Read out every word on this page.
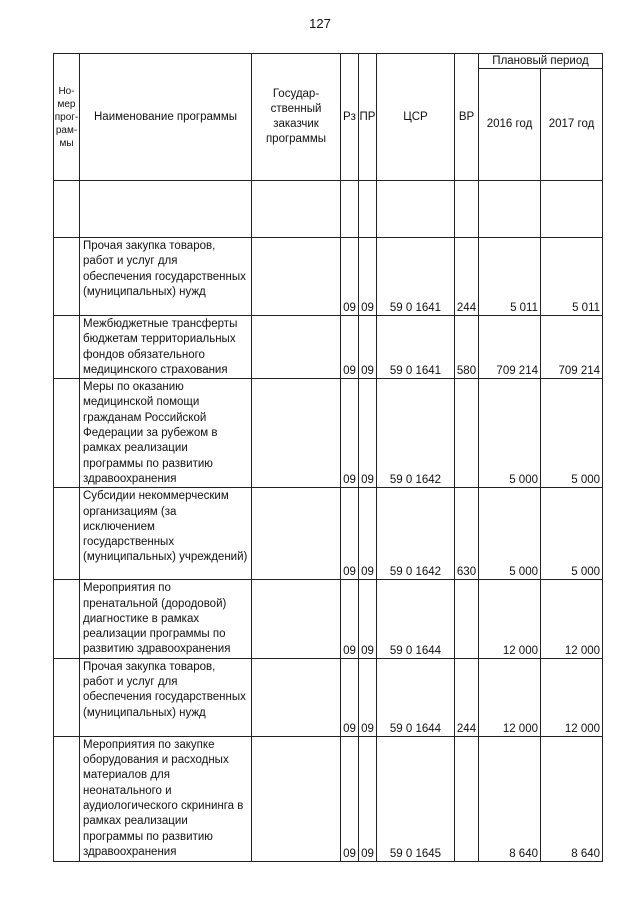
127
Но-
мер
прог-
рам-
мы	Наименование программы	Государ-
ственный
заказчик
программы	Рз	ПР	ЦСР	ВР	Плановый период	
							2016 год	2017 год

	Прочая закупка товаров, работ и услуг для обеспечения государственных (муниципальных) нужд		09	09	59 0 1641	244	5 011	5 011
	Межбюджетные трансферты бюджетам территориальных фондов обязательного медицинского страхования		09	09	59 0 1641	580	709 214	709 214
	Меры по оказанию медицинской помощи гражданам Российской Федерации за рубежом в рамках реализации программы по развитию здравоохранения		09	09	59 0 1642		5 000	5 000
	Субсидии некоммерческим организациям (за исключением государственных (муниципальных) учреждений)		09	09	59 0 1642	630	5 000	5 000
	Мероприятия по пренатальной (дородовой) диагностике в рамках реализации программы по развитию здравоохранения		09	09	59 0 1644		12 000	12 000
	Прочая закупка товаров, работ и услуг для обеспечения государственных (муниципальных) нужд		09	09	59 0 1644	244	12 000	12 000
	Мероприятия по закупке оборудования и расходных материалов для неонатального и аудиологического скрининга в рамках реализации программы по развитию здравоохранения		09	09	59 0 1645		8 640	8 640
